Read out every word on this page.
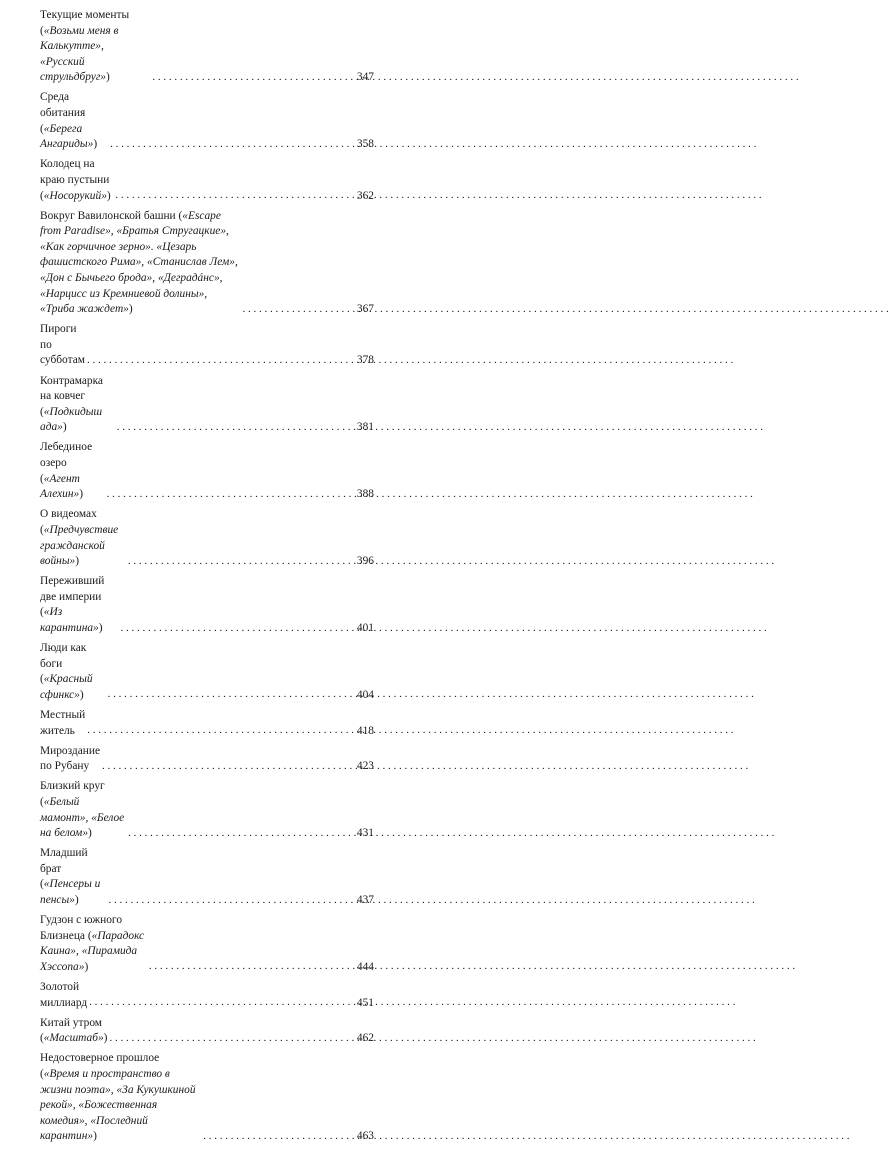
Текущие моменты («Возьми меня в Калькутте», «Русский струльдбруг») . . .	347
Среда обитания («Берега Ангариды») . . .	358
Колодец на краю пустыни («Носорукий») . . .	362
Вокруг Вавилонской башни («Escape from Paradise», «Братья Стругацкие», «Как горчичное зерно». «Цезарь фашистского Рима», «Станислав Лем», «Дон с Бычьего брода», «Деградáнс», «Нарцисс из Кремниевой долины», «Триба жаждет») . . .	367
Пироги по субботам . . .	378
Контрамарка на ковчег («Подкидыш ада») . . .	381
Лебединое озеро («Агент Алехин») . . .	388
О видеомах («Предчувствие гражданской войны») . . .	396
Переживший две империи («Из карантина») . . .	401
Люди как боги («Красный сфинкс») . . .	404
Местный житель . . .	418
Мироздание по Рубану . . .	423
Близкий круг («Белый мамонт», «Белое на белом») . . .	431
Младший брат («Пенсеры и пенсы») . . .	437
Гудзон с южного Близнеца («Парадокс Каина», «Пирамида Хэссопа») . . .	444
Золотой миллиард . . .	451
Китай утром («Масштаб») . . .	462
Недостоверное прошлое («Время и пространство в жизни поэта», «За Кукушкиной рекой», «Божественная комедия», «Последний карантин») . . .	463
